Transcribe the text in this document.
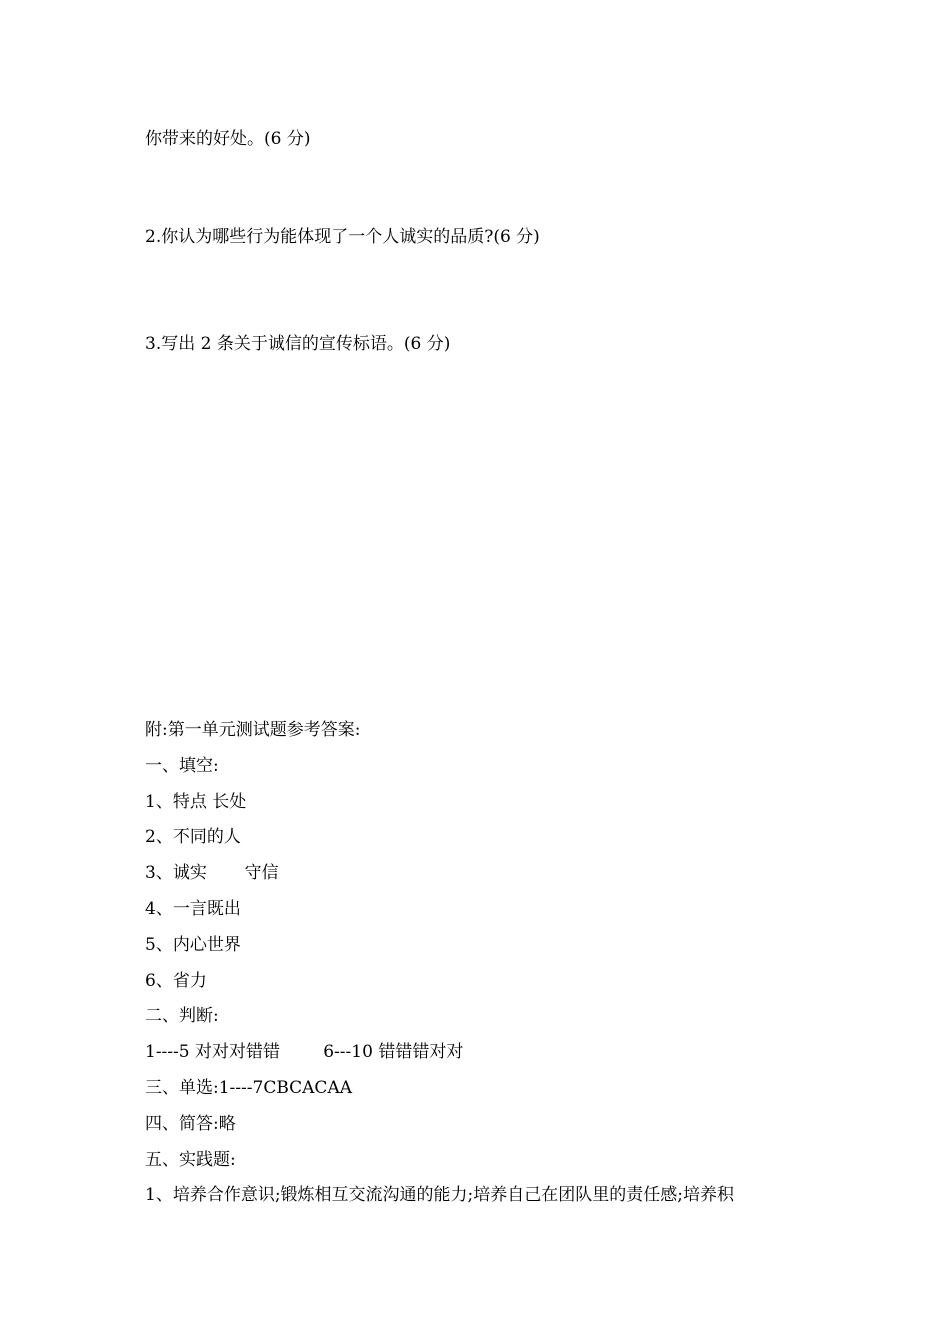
你带来的好处。(6 分)
2.你认为哪些行为能体现了一个人诚实的品质?(6 分)
3.写出 2 条关于诚信的宣传标语。(6 分)
附:第一单元测试题参考答案:
一、填空:
1、特点 长处
2、不同的人
3、诚实       守信
4、一言既出
5、内心世界
6、省力
二、判断:
1----5 对对对错错        6---10 错错错对对
三、单选:1----7CBCACAA
四、简答:略
五、实践题:
1、培养合作意识;锻炼相互交流沟通的能力;培养自己在团队里的责任感;培养积
